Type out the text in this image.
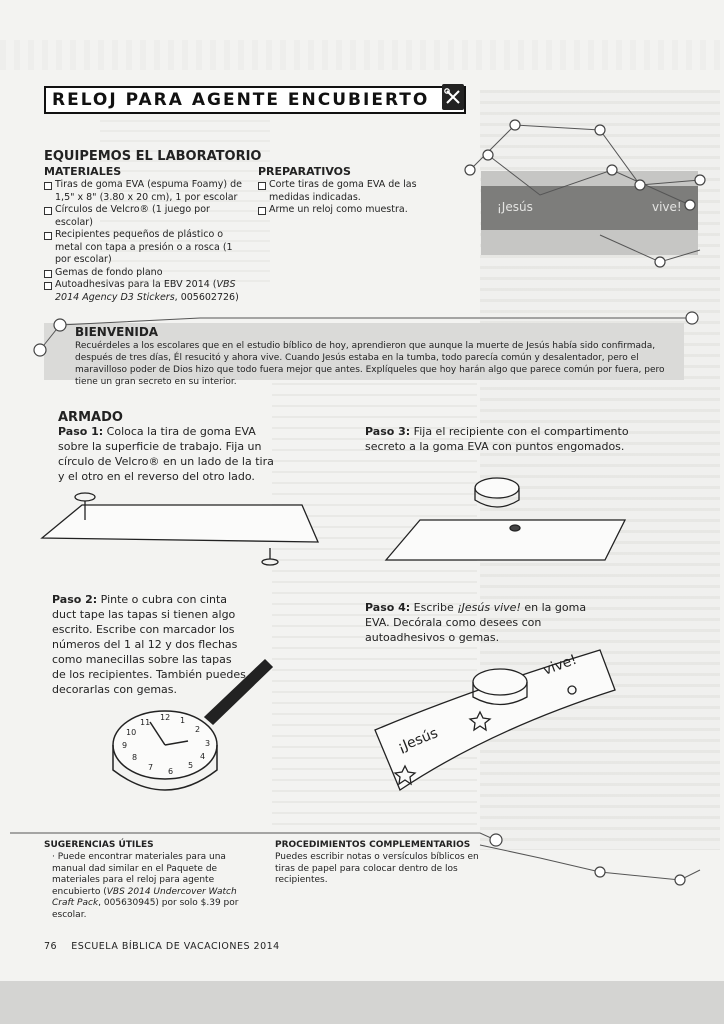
RELOJ PARA AGENTE ENCUBIERTO
EQUIPEMOS EL LABORATORIO
MATERIALES
Tiras de goma EVA (espuma Foamy) de 1,5" x 8" (3.80 x 20 cm), 1 por escolar
Círculos de Velcro® (1 juego por escolar)
Recipientes pequeños de plástico o metal con tapa a presión o a rosca (1 por escolar)
Gemas de fondo plano
Autoadhesivas para la EBV 2014 (VBS 2014 Agency D3 Stickers, 005602726)
PREPARATIVOS
Corte tiras de goma EVA de las medidas indicadas.
Arme un reloj como muestra.	¡Jesús	vive!
BIENVENIDA
Recuérdeles a los escolares que en el estudio bíblico de hoy, aprendieron que aunque la muerte de Jesús había sido confirmada, después de tres días, Él resucitó y ahora vive. Cuando Jesús estaba en la tumba, todo parecía común y desalentador, pero el maravilloso poder de Dios hizo que todo fuera mejor que antes. Explíqueles que hoy harán algo que parece común por fuera, pero tiene un gran secreto en su interior.
ARMADO
Paso 1: Coloca la tira de goma EVA sobre la superficie de trabajo. Fija un círculo de Velcro® en un lado de la tira y el otro en el reverso del otro lado.
Paso 3: Fija el recipiente con el compartimento secreto a la goma EVA con puntos engomados.
Paso 2: Pinte o cubra con cinta duct tape las tapas si tienen algo escrito. Escribe con marcador los números del 1 al 12 y dos flechas como manecillas sobre las tapas de los recipientes. También puedes decorarlas con gemas.
Paso 4: Escribe ¡Jesús vive! en la goma EVA. Decórala como desees con autoadhesivos o gemas.
12 1
2
3
4
5
6
7
8
9
10
11
¡Jesús
vive!
SUGERENCIAS ÚTILES
· Puede encontrar materiales para una manual dad similar en el Paquete de materiales para el reloj para agente encubierto (VBS 2014 Undercover Watch Craft Pack, 005630945) por solo $.39 por escolar.
PROCEDIMIENTOS COMPLEMENTARIOS
Puedes escribir notas o versículos bíblicos en tiras de papel para colocar dentro de los recipientes.
76 ESCUELA BÍBLICA DE VACACIONES 2014
